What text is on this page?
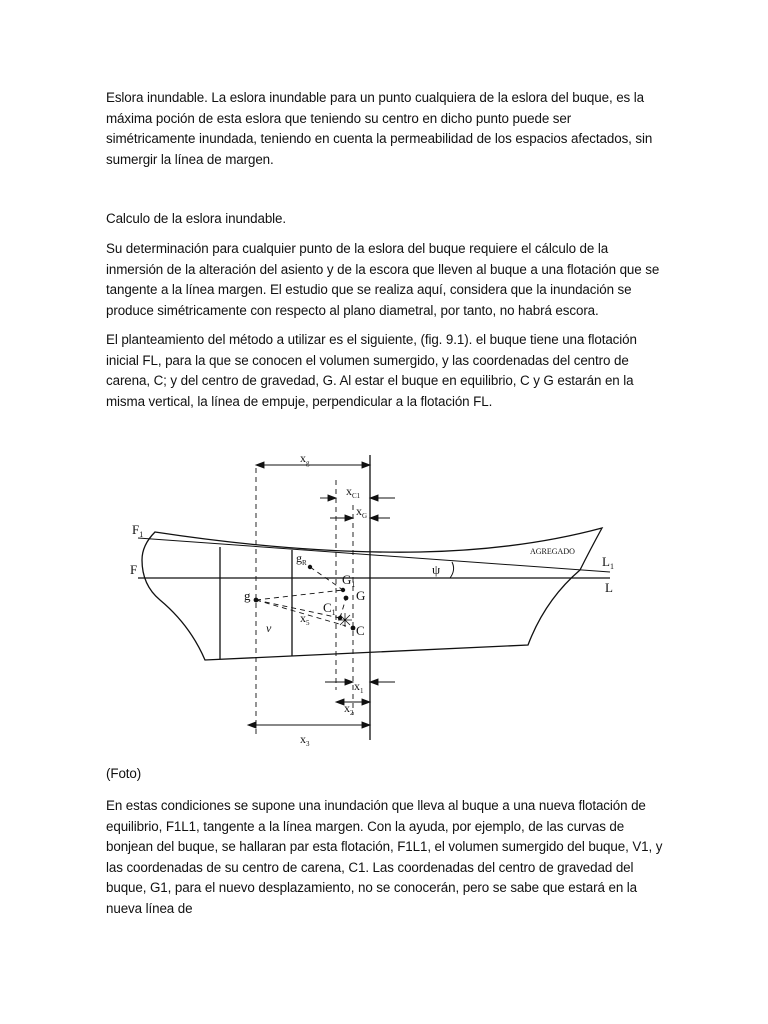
Eslora inundable. La eslora inundable para un punto cualquiera de la eslora del buque, es la máxima poción de esta eslora que teniendo su centro en dicho punto puede ser simétricamente inundada, teniendo en cuenta la permeabilidad de los espacios afectados, sin sumergir la línea de margen.

Calculo de la eslora inundable.

Su determinación para cualquier punto de la eslora del buque requiere el cálculo de la inmersión de la alteración del asiento y de la escora que lleven al buque a una flotación que se tangente a la línea margen. El estudio que se realiza aquí, considera que la inundación se produce simétricamente con respecto al plano diametral, por tanto, no habrá escora.

El planteamiento del método a utilizar es el siguiente, (fig. 9.1). el buque tiene una flotación inicial FL, para la que se conocen el volumen sumergido, y las coordenadas del centro de carena, C; y del centro de gravedad, G. Al estar el buque en equilibrio, C y G estarán en la misma vertical, la línea de empuje, perpendicular a la flotación FL.

$F_1$
F
$L_1$
L
AGREGADO
ψ
$x_g$
$x_{C1}$
$x_G$
$g_R$
g
$G_1$
G
$C_1$
C
$x_5$
v
$x_1$
$x_2$
$x_3$

(Foto)

En estas condiciones se supone una inundación que lleva al buque a una nueva flotación de equilibrio, F1L1, tangente a la línea margen. Con la ayuda, por ejemplo, de las curvas de bonjean del buque, se hallaran par esta flotación, F1L1, el volumen sumergido del buque, V1, y las coordenadas de su centro de carena, C1. Las coordenadas del centro de gravedad del buque, G1, para el nuevo desplazamiento, no se conocerán, pero se sabe que estará en la nueva línea de
